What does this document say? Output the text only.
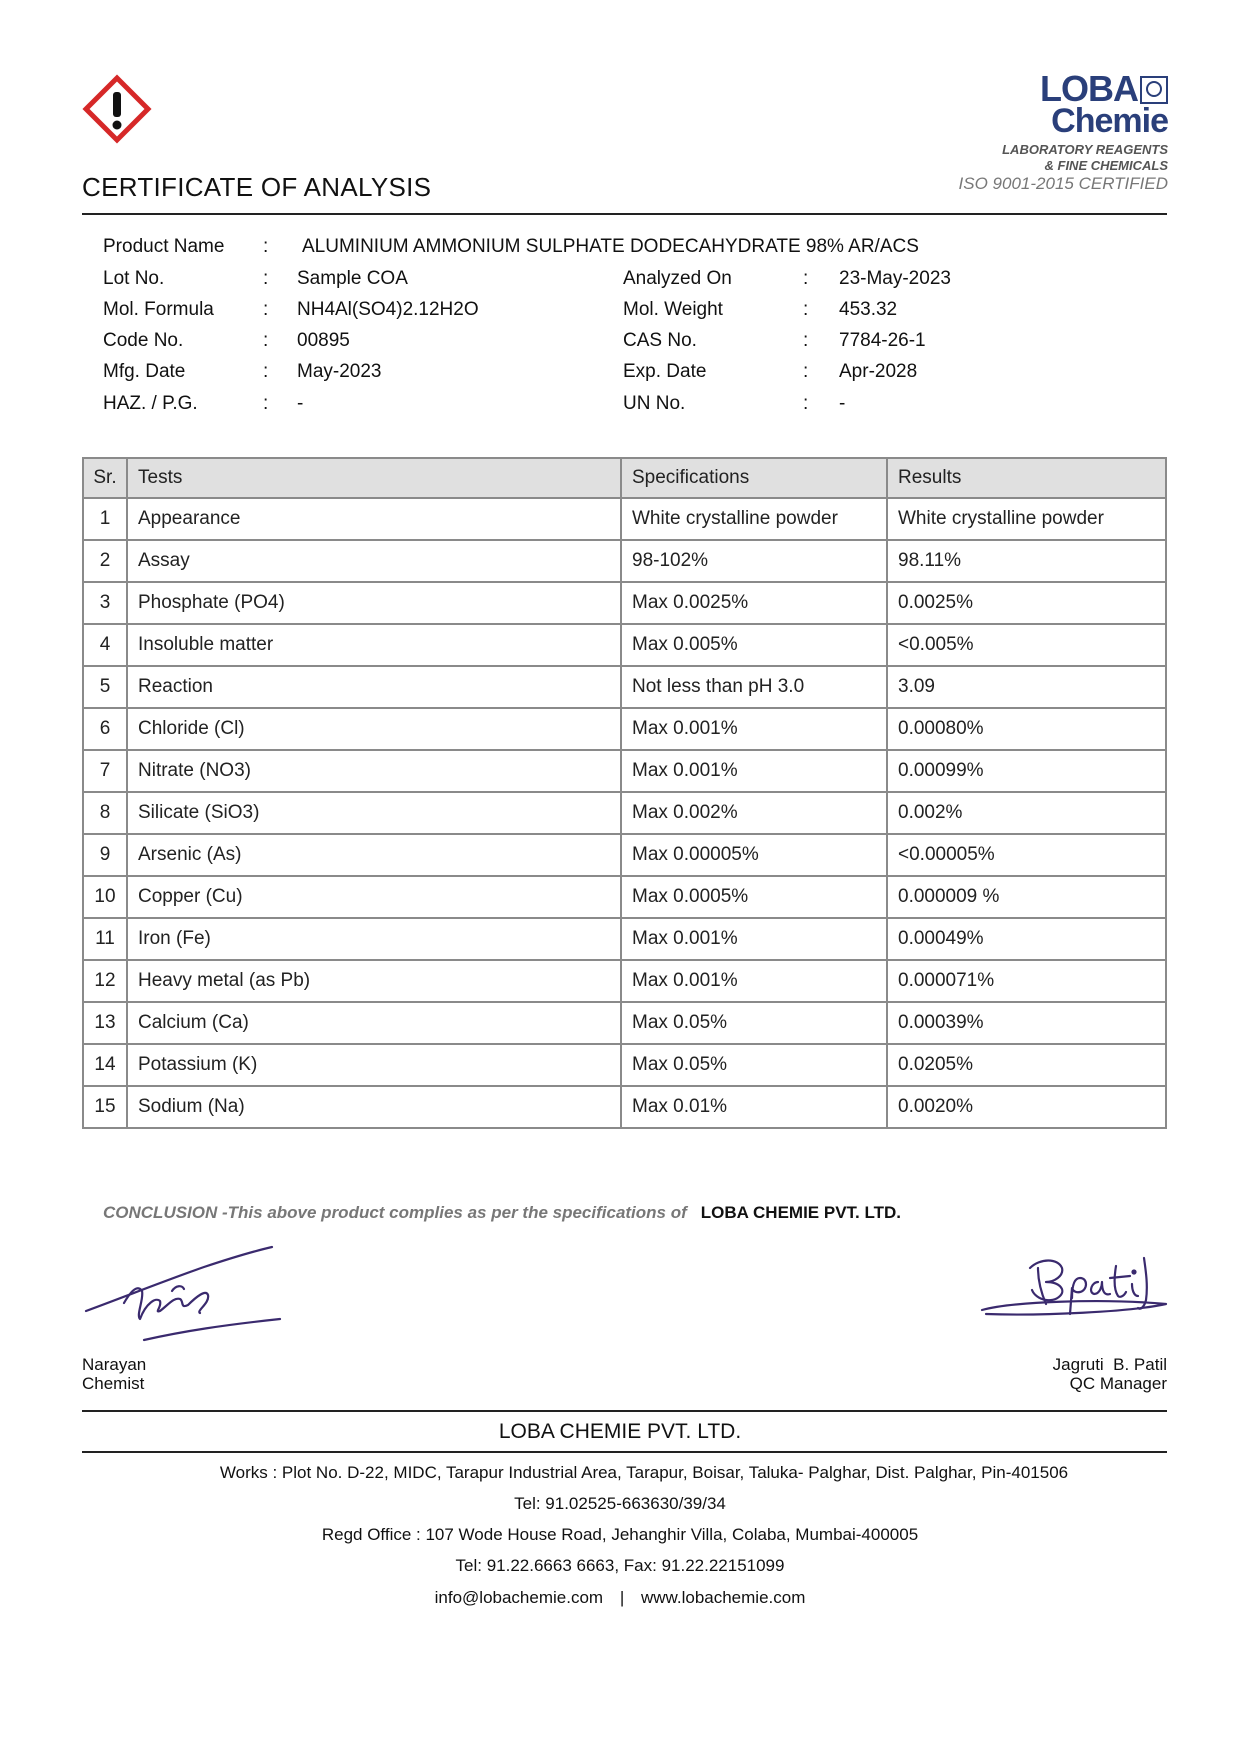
CERTIFICATE OF ANALYSIS
LOBA
Chemie
LABORATORY REAGENTS
& FINE CHEMICALS
ISO 9001-2015 CERTIFIED
Product Name : ALUMINIUM AMMONIUM SULPHATE DODECAHYDRATE 98% AR/ACS
Lot No.	: Sample COA	Analyzed On	: 23-May-2023
Mol. Formula	: NH4Al(SO4)2.12H2O	Mol. Weight	: 453.32
Code No.	: 00895	CAS No.	: 7784-26-1
Mfg. Date	: May-2023	Exp. Date	: Apr-2028
HAZ. / P.G.	: -	UN No.	: -
Sr.	Tests	Specifications	Results
1	Appearance	White crystalline powder	White crystalline powder
2	Assay	98-102%	98.11%
3	Phosphate (PO4)	Max 0.0025%	0.0025%
4	Insoluble matter	Max 0.005%	<0.005%
5	Reaction	Not less than pH 3.0	3.09
6	Chloride (Cl)	Max 0.001%	0.00080%
7	Nitrate (NO3)	Max 0.001%	0.00099%
8	Silicate (SiO3)	Max 0.002%	0.002%
9	Arsenic (As)	Max 0.00005%	<0.00005%
10	Copper (Cu)	Max 0.0005%	0.000009 %
11	Iron (Fe)	Max 0.001%	0.00049%
12	Heavy metal (as Pb)	Max 0.001%	0.000071%
13	Calcium (Ca)	Max 0.05%	0.00039%
14	Potassium (K)	Max 0.05%	0.0205%
15	Sodium (Na)	Max 0.01%	0.0020%
CONCLUSION -This above product complies as per the specifications of LOBA CHEMIE PVT. LTD.
Narayan
Chemist
Jagruti  B. Patil
QC Manager
LOBA CHEMIE PVT. LTD.
Works : Plot No. D-22, MIDC, Tarapur Industrial Area, Tarapur, Boisar, Taluka- Palghar, Dist. Palghar, Pin-401506
Tel: 91.02525-663630/39/34
Regd Office : 107 Wode House Road, Jehanghir Villa, Colaba, Mumbai-400005
Tel: 91.22.6663 6663, Fax: 91.22.22151099
info@lobachemie.com | www.lobachemie.com
